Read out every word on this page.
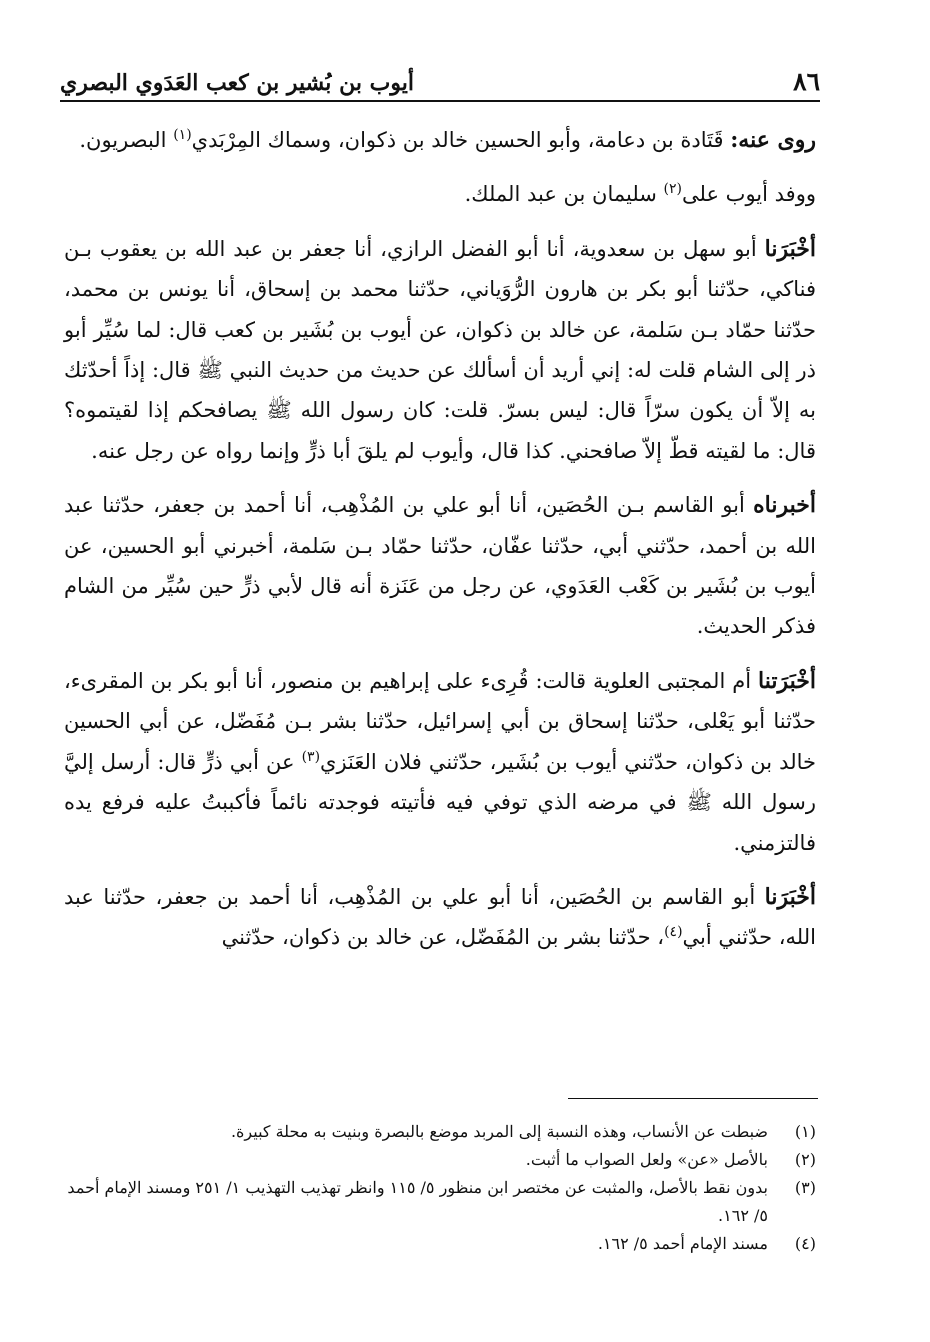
٨٦
أيوب بن بُشير بن كعب العَدَوي البصري

روى عنه: قَتَادة بن دعامة، وأبو الحسين خالد بن ذكوان، وسماك المِرْبَدي$^{(١)}$ البصريون.

ووفد أيوب على$^{(٢)}$ سليمان بن عبد الملك.

أخْبَرَنا أبو سهل بن سعدوية، أنا أبو الفضل الرازي، أنا جعفر بن عبد الله بن يعقوب بـن فناكي، حدّثنا أبو بكر بن هارون الرُّوَياني، حدّثنا محمد بن إسحاق، أنا يونس بن محمد، حدّثنا حمّاد بـن سَلمة، عن خالد بن ذكوان، عن أيوب بن بُشَير بن كعب قال: لما سُيِّر أبو ذر إلى الشام قلت له: إني أريد أن أسألك عن حديث من حديث النبي ﷺ قال: إذاً أحدّثك به إلاّ أن يكون سرّاً قال: ليس بسرّ. قلت: كان رسول الله ﷺ يصافحكم إذا لقيتموه؟ قال: ما لقيته قطّ إلاّ صافحني. كذا قال، وأيوب لم يلقَ أبا ذرٍّ وإنما رواه عن رجل عنه.

أخبرناه أبو القاسم بـن الحُصَين، أنا أبو علي بن المُذْهِب، أنا أحمد بن جعفر، حدّثنا عبد الله بن أحمد، حدّثني أبي، حدّثنا عفّان، حدّثنا حمّاد بـن سَلمة، أخبرني أبو الحسين، عن أيوب بن بُشَير بن كَعْب العَدَوي، عن رجل من عَنَزة أنه قال لأبي ذرٍّ حين سُيِّر من الشام فذكر الحديث.

أخْبَرَتنا أم المجتبى العلوية قالت: قُرِىء على إبراهيم بن منصور، أنا أبو بكر بن المقرىء، حدّثنا أبو يَعْلى، حدّثنا إسحاق بن أبي إسرائيل، حدّثنا بشر بـن مُفَضّل، عن أبي الحسين خالد بن ذكوان، حدّثني أيوب بن بُشَير، حدّثني فلان العَنَزي$^{(٣)}$ عن أبي ذرٍّ قال: أرسل إليَّ رسول الله ﷺ في مرضه الذي توفي فيه فأتيته فوجدته نائماً فأكببتُ عليه فرفع يده فالتزمني.

أخْبَرَنا أبو القاسم بن الحُصَين، أنا أبو علي بن المُذْهِب، أنا أحمد بن جعفر، حدّثنا عبد الله، حدّثني أبي$^{(٤)}$، حدّثنا بشر بن المُفَضّل، عن خالد بن ذكوان، حدّثني

(١)
ضبطت عن الأنساب، وهذه النسبة إلى المربد موضع بالبصرة وبنيت به محلة كبيرة.

(٢)
بالأصل «عن» ولعل الصواب ما أثبت.

(٣)
بدون نقط بالأصل، والمثبت عن مختصر ابن منظور ٥/ ١١٥ وانظر تهذيب التهذيب ١/ ٢٥١ ومسند الإمام أحمد ٥/ ١٦٢.

(٤)
مسند الإمام أحمد ٥/ ١٦٢.
